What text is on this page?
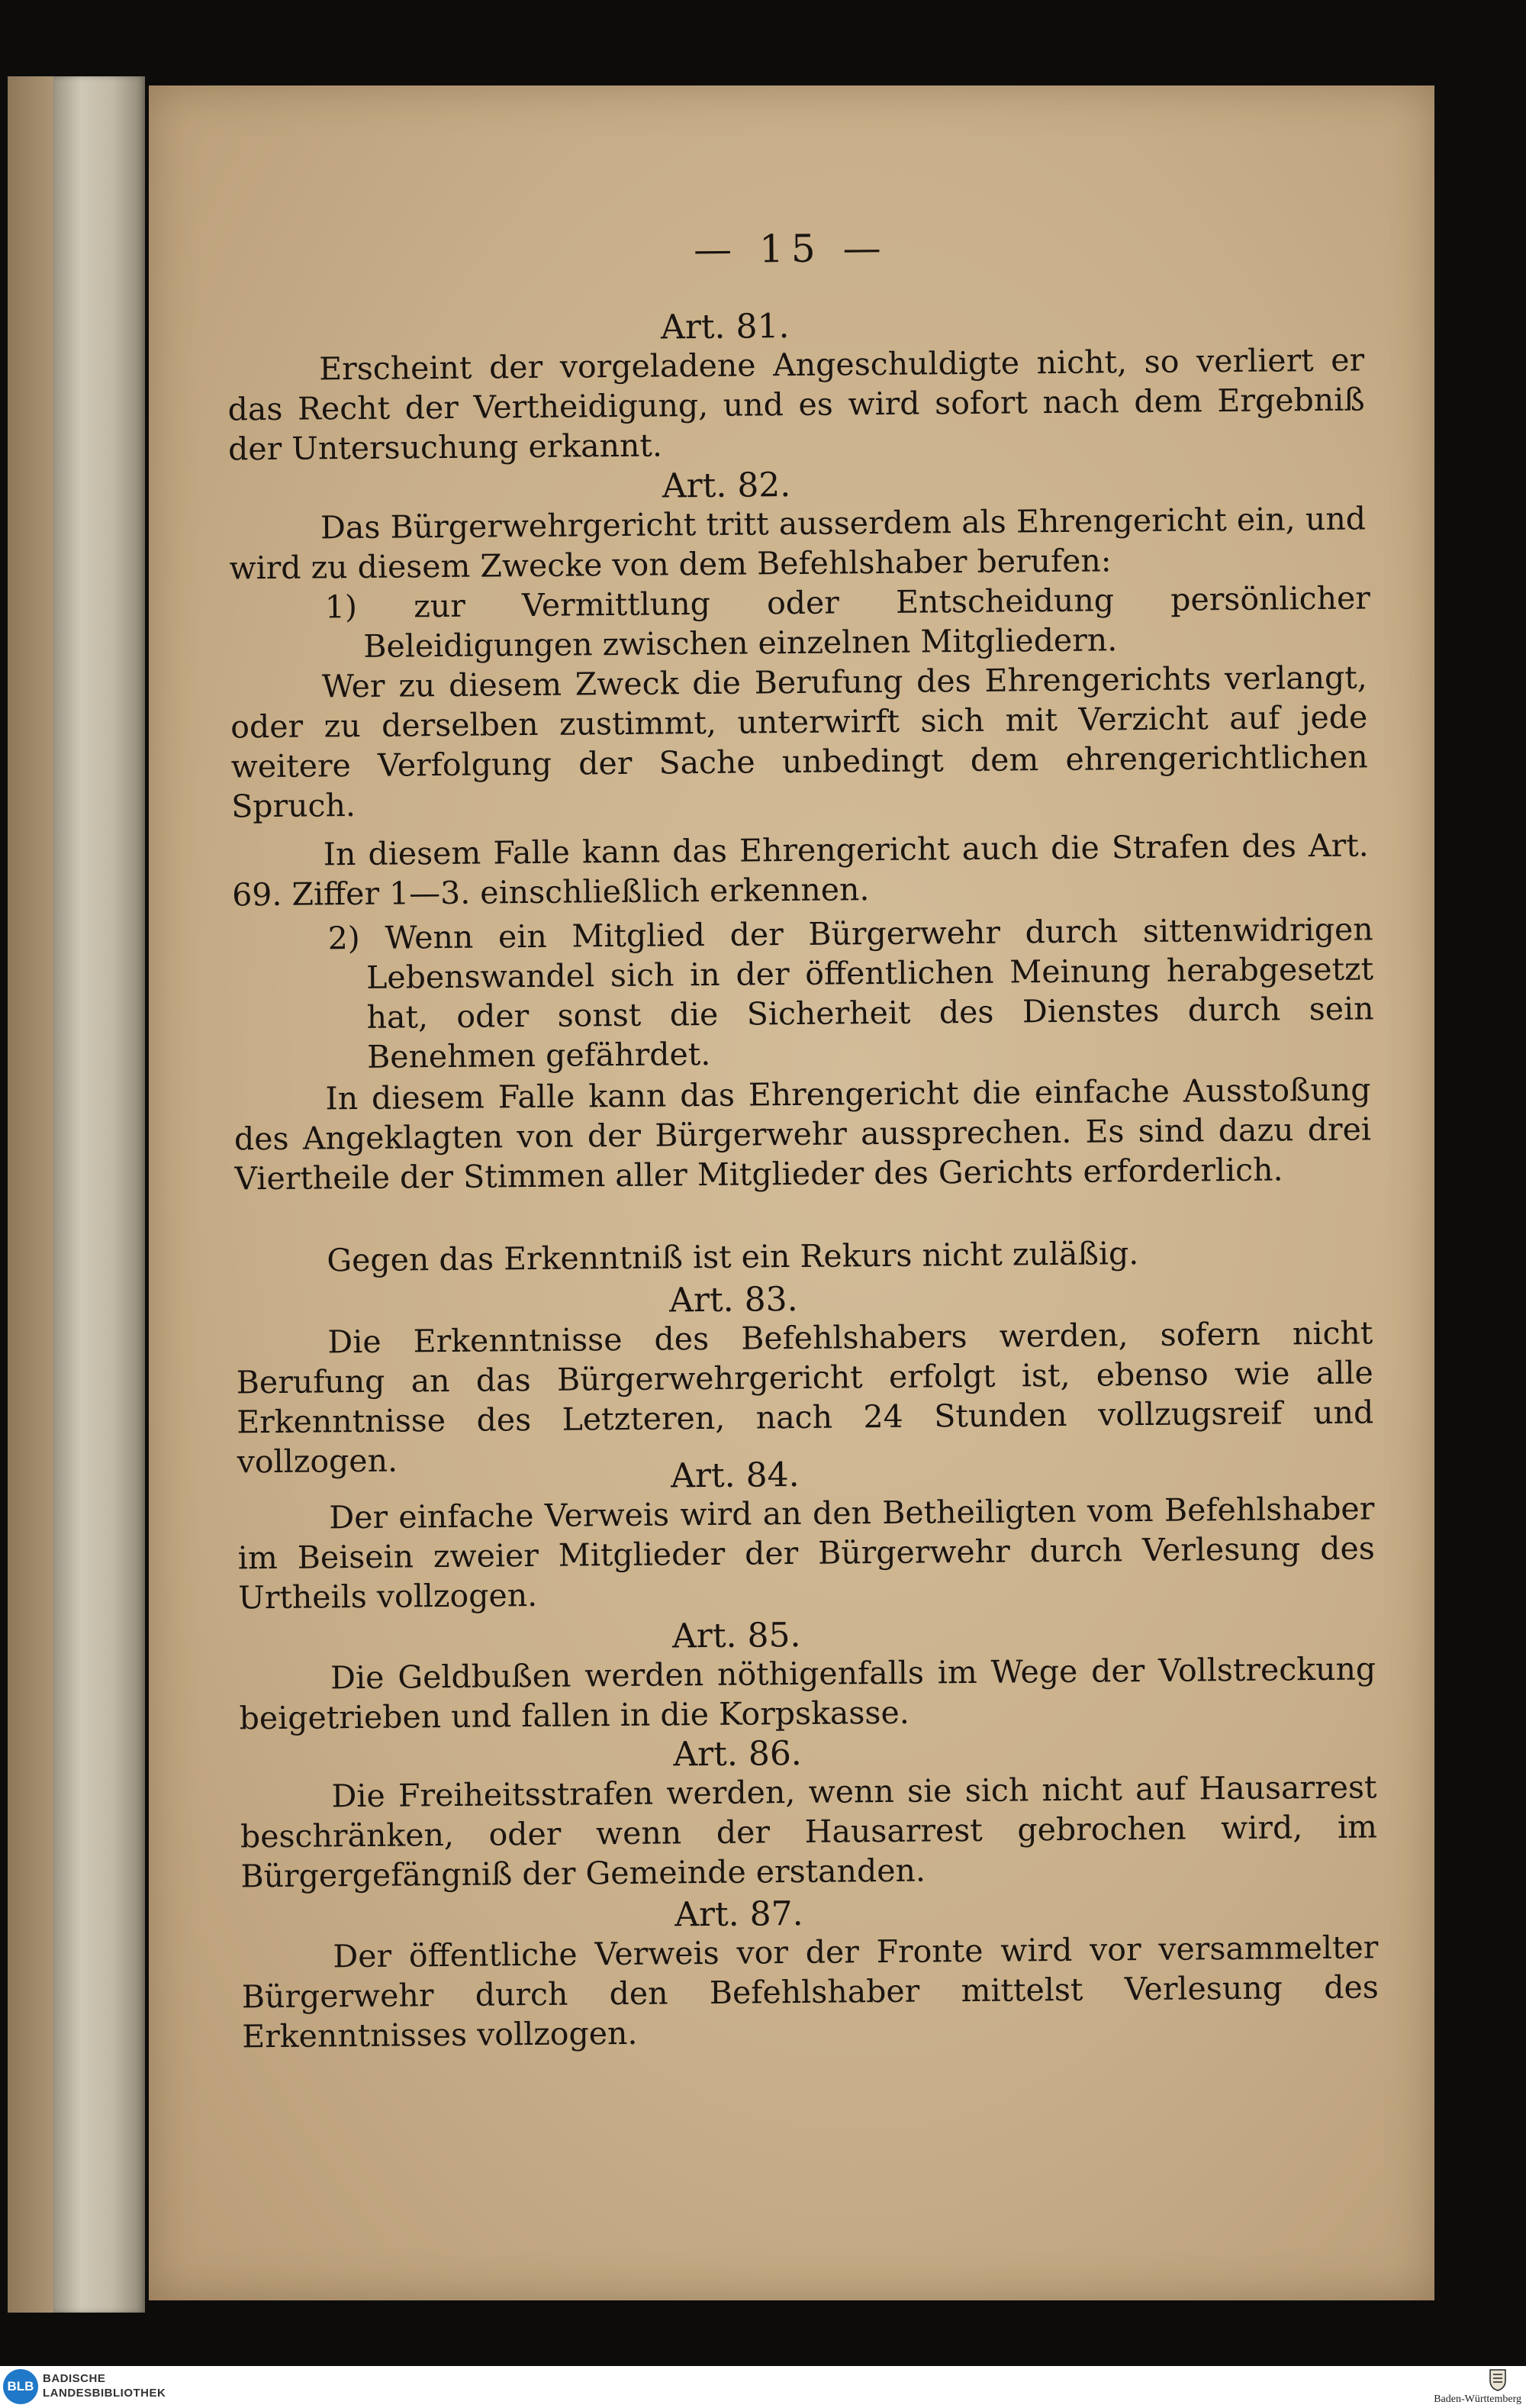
— 15 —
Art. 81.
Erscheint der vorgeladene Angeschuldigte nicht, so verliert er das Recht der Vertheidigung, und es wird sofort nach dem Ergebniß der Untersuchung erkannt.
Art. 82.
Das Bürgerwehrgericht tritt ausserdem als Ehrengericht ein, und wird zu diesem Zwecke von dem Befehlshaber berufen:
1) zur Vermittlung oder Entscheidung persönlicher Beleidigungen zwischen einzelnen Mitgliedern.
Wer zu diesem Zweck die Berufung des Ehrengerichts verlangt, oder zu derselben zustimmt, unterwirft sich mit Verzicht auf jede weitere Verfolgung der Sache unbedingt dem ehrengerichtlichen Spruch.
In diesem Falle kann das Ehrengericht auch die Strafen des Art. 69. Ziffer 1—3. einschließlich erkennen.
2) Wenn ein Mitglied der Bürgerwehr durch sittenwidrigen Lebenswandel sich in der öffentlichen Meinung herabgesetzt hat, oder sonst die Sicherheit des Dienstes durch sein Benehmen gefährdet.
In diesem Falle kann das Ehrengericht die einfache Ausstoßung des Angeklagten von der Bürgerwehr aussprechen. Es sind dazu drei Viertheile der Stimmen aller Mitglieder des Gerichts erforderlich.
Gegen das Erkenntniß ist ein Rekurs nicht zuläßig.
Art. 83.
Die Erkenntnisse des Befehlshabers werden, sofern nicht Berufung an das Bürgerwehrgericht erfolgt ist, ebenso wie alle Erkenntnisse des Letzteren, nach 24 Stunden vollzugsreif und vollzogen.	Art. 84.
Der einfache Verweis wird an den Betheiligten vom Befehlshaber im Beisein zweier Mitglieder der Bürgerwehr durch Verlesung des Urtheils vollzogen.
Art. 85.
Die Geldbußen werden nöthigenfalls im Wege der Vollstreckung beigetrieben und fallen in die Korpskasse.
Art. 86.
Die Freiheitsstrafen werden, wenn sie sich nicht auf Hausarrest beschränken, oder wenn der Hausarrest gebrochen wird, im Bürgergefängniß der Gemeinde erstanden.
Art. 87.
Der öffentliche Verweis vor der Fronte wird vor versammelter Bürgerwehr durch den Befehlshaber mittelst Verlesung des Erkenntnisses vollzogen.
BLB
BADISCHE
LANDESBIBLIOTHEK	Baden-Württemberg
